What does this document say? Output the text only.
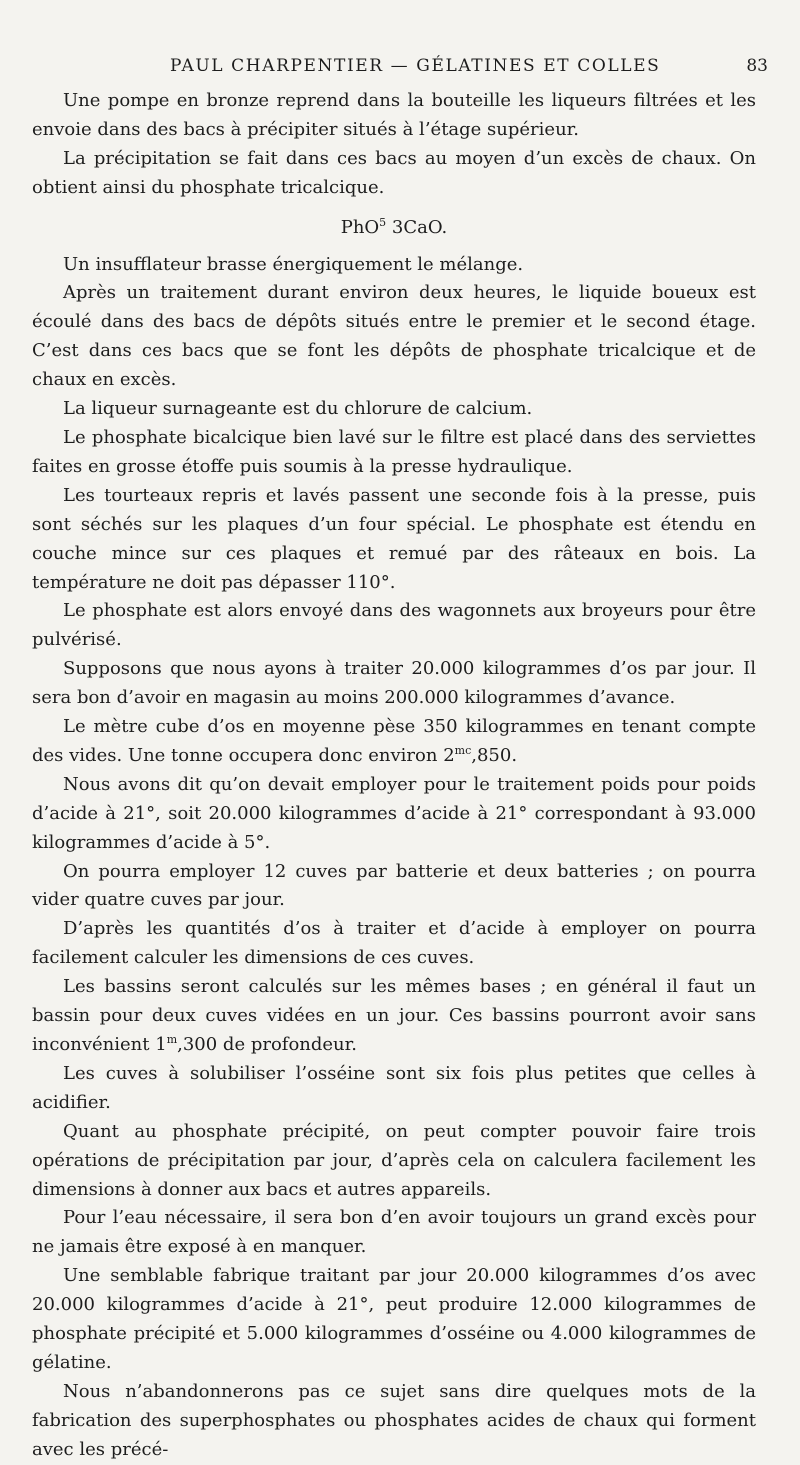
PAUL CHARPENTIER — GÉLATINES ET COLLES	83

Une pompe en bronze reprend dans la bouteille les liqueurs filtrées et les envoie dans des bacs à précipiter situés à l’étage supérieur.

La précipitation se fait dans ces bacs au moyen d’un excès de chaux. On obtient ainsi du phosphate tricalcique.

PhO$^5$ 3CaO.

Un insufflateur brasse énergiquement le mélange.

Après un traitement durant environ deux heures, le liquide boueux est écoulé dans des bacs de dépôts situés entre le premier et le second étage. C’est dans ces bacs que se font les dépôts de phosphate tricalcique et de chaux en excès.

La liqueur surnageante est du chlorure de calcium.

Le phosphate bicalcique bien lavé sur le filtre est placé dans des serviettes faites en grosse étoffe puis soumis à la presse hydraulique.

Les tourteaux repris et lavés passent une seconde fois à la presse, puis sont séchés sur les plaques d’un four spécial. Le phosphate est étendu en couche mince sur ces plaques et remué par des râteaux en bois. La température ne doit pas dépasser 110°.

Le phosphate est alors envoyé dans des wagonnets aux broyeurs pour être pulvérisé.

Supposons que nous ayons à traiter 20.000 kilogrammes d’os par jour. Il sera bon d’avoir en magasin au moins 200.000 kilogrammes d’avance.

Le mètre cube d’os en moyenne pèse 350 kilogrammes en tenant compte des vides. Une tonne occupera donc environ $2^{mc},850$.

Nous avons dit qu’on devait employer pour le traitement poids pour poids d’acide à 21°, soit 20.000 kilogrammes d’acide à 21° correspondant à 93.000 kilogrammes d’acide à 5°.

On pourra employer 12 cuves par batterie et deux batteries ; on pourra vider quatre cuves par jour.

D’après les quantités d’os à traiter et d’acide à employer on pourra facilement calculer les dimensions de ces cuves.

Les bassins seront calculés sur les mêmes bases ; en général il faut un bassin pour deux cuves vidées en un jour. Ces bassins pourront avoir sans inconvénient 1$^m$,300 de profondeur.

Les cuves à solubiliser l’osséine sont six fois plus petites que celles à acidifier.

Quant au phosphate précipité, on peut compter pouvoir faire trois opérations de précipitation par jour, d’après cela on calculera facilement les dimensions à donner aux bacs et autres appareils.

Pour l’eau nécessaire, il sera bon d’en avoir toujours un grand excès pour ne jamais être exposé à en manquer.

Une semblable fabrique traitant par jour 20.000 kilogrammes d’os avec 20.000 kilogrammes d’acide à 21°, peut produire 12.000 kilogrammes de phosphate précipité et 5.000 kilogrammes d’osséine ou 4.000 kilogrammes de gélatine.

Nous n’abandonnerons pas ce sujet sans dire quelques mots de la fabrication des superphosphates ou phosphates acides de chaux qui forment avec les précé-
